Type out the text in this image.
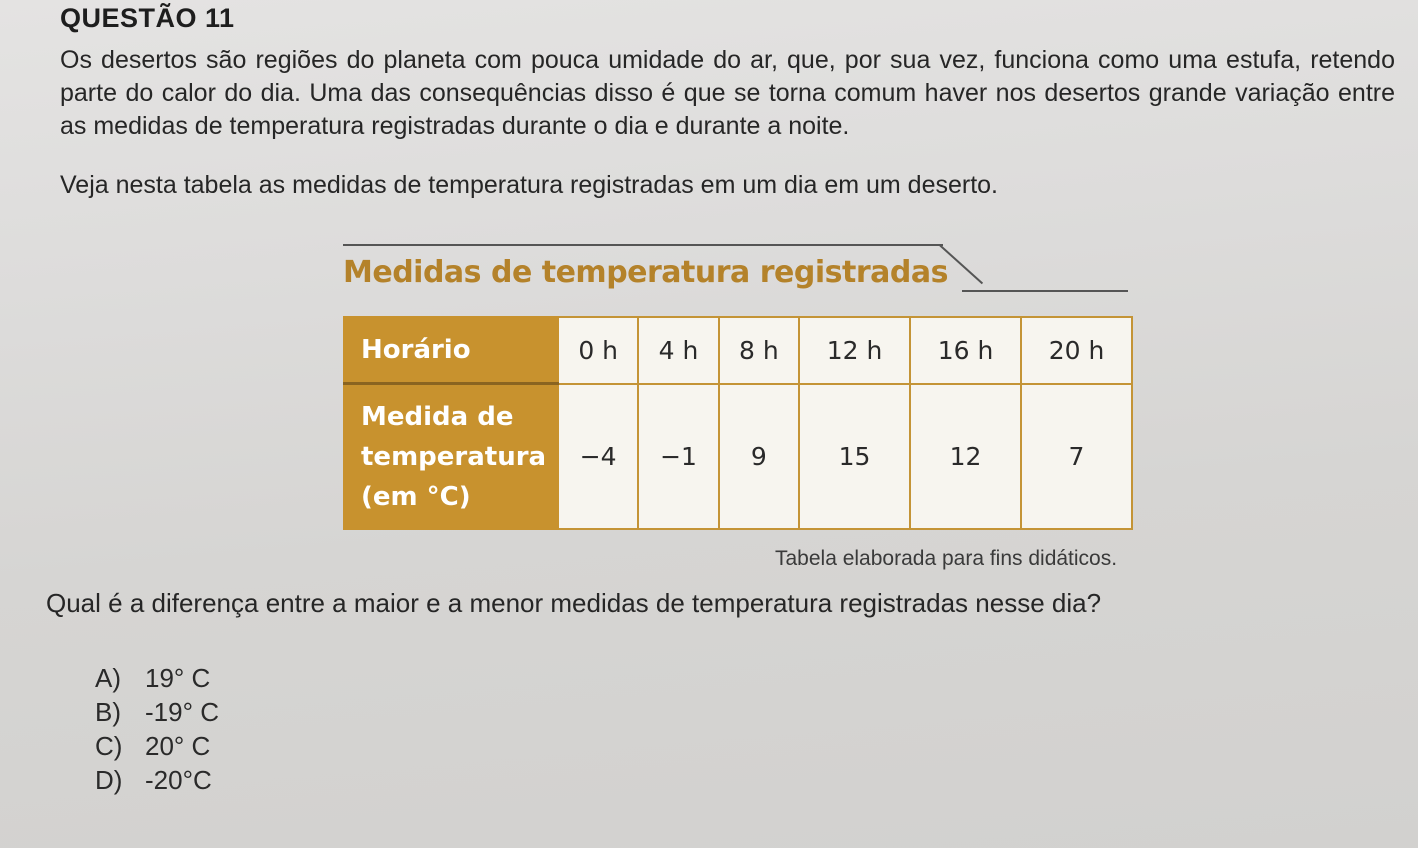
QUESTÃO 11
Os desertos são regiões do planeta com pouca umidade do ar, que, por sua vez, funciona como uma estufa, retendo parte do calor do dia. Uma das consequências disso é que se torna comum haver nos desertos grande variação entre as medidas de temperatura registradas durante o dia e durante a noite.
Veja nesta tabela as medidas de temperatura registradas em um dia em um deserto.
Medidas de temperatura registradas
Horário	0 h	4 h	8 h	12 h	16 h	20 h
Medida de
temperatura
(em °C)	−4	−1	9	15	12	7
Tabela elaborada para fins didáticos.
Qual é a diferença entre a maior e a menor medidas de temperatura registradas nesse dia?
A) 19° C
B) -19° C
C) 20° C
D) -20°C
